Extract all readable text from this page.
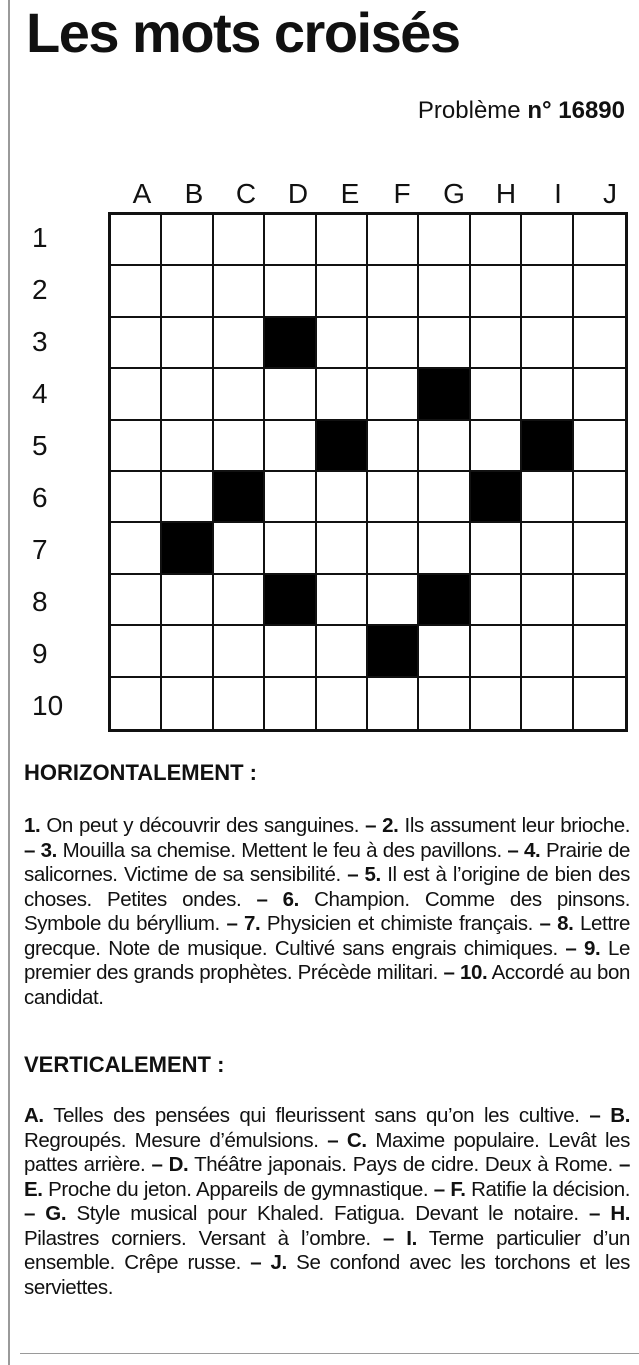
Les mots croisés
Problème n° 16890
A	B	C	D	E	F	G	H	I	J
1
2
3
4
5
6
7
8
9
10
HORIZONTALEMENT :
1. On peut y découvrir des sanguines. – 2. Ils assument leur brioche. – 3. Mouilla sa chemise. Mettent le feu à des pavillons. – 4. Prairie de salicornes. Victime de sa sensibilité. – 5. Il est à l’origine de bien des choses. Petites ondes. – 6. Champion. Comme des pinsons. Symbole du béryllium. – 7. Physicien et chimiste français. – 8. Lettre grecque. Note de musique. Cultivé sans engrais chimiques. – 9. Le premier des grands prophètes. Précède militari. – 10. Accordé au bon candidat.
VERTICALEMENT :
A. Telles des pensées qui fleurissent sans qu’on les cultive. – B. Regroupés. Mesure d’émulsions. – C. Maxime populaire. Levât les pattes arrière. – D. Théâtre japonais. Pays de cidre. Deux à Rome. – E. Proche du jeton. Appareils de gymnastique. – F. Ratifie la décision. – G. Style musical pour Khaled. Fatigua. Devant le notaire. – H. Pilastres corniers. Versant à l’ombre. – I. Terme particulier d’un ensemble. Crêpe russe. – J. Se confond avec les torchons et les serviettes.
